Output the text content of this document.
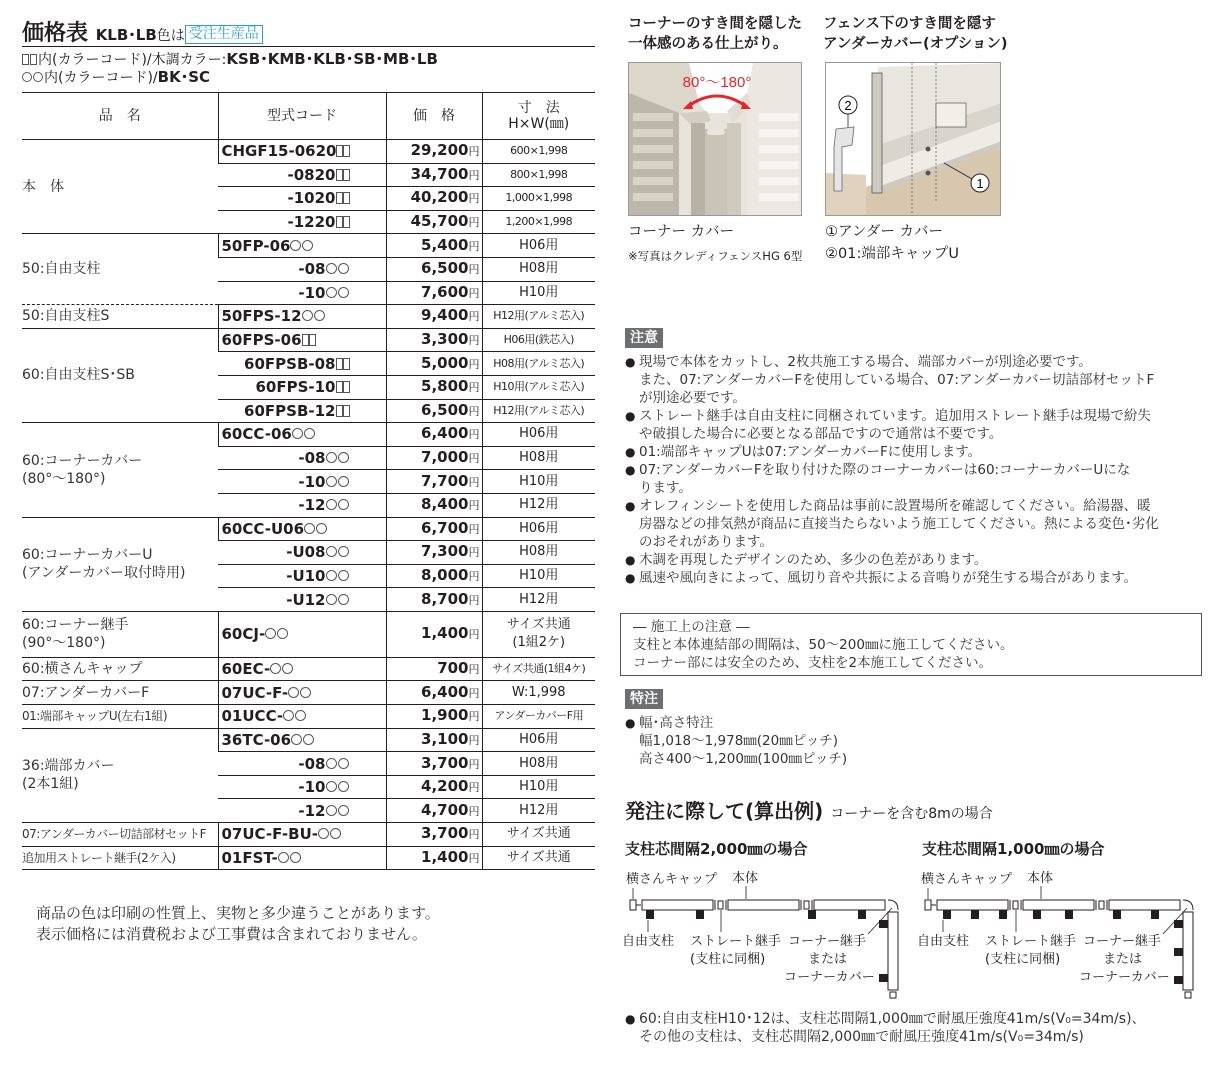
価格表 KLB･LB色は 受注生産品
内(カラーコード)/木調カラー:KSB･KMB･KLB･SB･MB･LB
内(カラーコード)/BK･SC
品　名	型式コード	価　格	寸　法
H×W(㎜)

本　体	CHGF15-0620	29,200円	600×1,998
	-0820	34,700円	800×1,998
	-1020	40,200円	1,000×1,998
	-1220	45,700円	1,200×1,998
50:自由支柱	50FP-06	5,400円	H06用
	-08	6,500円	H08用
	-10	7,600円	H10用
50:自由支柱S	50FPS-12	9,400円	H12用(アルミ芯入)
60:自由支柱S･SB	60FPS-06	3,300円	H06用(鉄芯入)
	60FPSB-08	5,000円	H08用(アルミ芯入)
	60FPS-10	5,800円	H10用(アルミ芯入)
	60FPSB-12	6,500円	H12用(アルミ芯入)

60:コーナーカバー
(80°～180°)	60CC-06	6,400円	H06用
	-08	7,000円	H08用
	-10	7,700円	H10用
	-12	8,400円	H12用

60:コーナーカバーU
(アンダーカバー取付時用)	60CC-U06	6,700円	H06用
	-U08	7,300円	H08用
	-U10	8,000円	H10用
	-U12	8,700円	H12用

60:コーナー継手
(90°～180°)	60CJ-	1,400円	
サイズ共通
(1組2ケ)

60:横さんキャップ	60EC-	700円	サイズ共通(1組4ケ)
07:アンダーカバーF	07UC-F-	6,400円	W:1,998
01:端部キャップU(左右1組)	01UCC-	1,900円	アンダーカバーF用

36:端部カバー
(2本1組)	36TC-06	3,100円	H06用
	-08	3,700円	H08用
	-10	4,200円	H10用
	-12	4,700円	H12用
07:アンダーカバー切詰部材セットF	07UC-F-BU-	3,700円	サイズ共通
追加用ストレート継手(2ケ入)	01FST-	1,400円	サイズ共通
商品の色は印刷の性質上、実物と多少違うことがあります。
表示価格には消費税および工事費は含まれておりません。
コーナーのすき間を隠した
一体感のある仕上がり。
80°～180°
コーナー カバー
※写真はクレディフェンスHG 6型
フェンス下のすき間を隠す
アンダーカバー(オプション)
2
1
①アンダー カバー
②01:端部キャップU
注意
● 現場で本体をカットし、2枚共施工する場合、端部カバーが別途必要です。
また、07:アンダーカバーFを使用している場合、07:アンダーカバー切詰部材セットF
が別途必要です。
● ストレート継手は自由支柱に同梱されています。追加用ストレート継手は現場で紛失
や破損した場合に必要となる部品ですので通常は不要です。
● 01:端部キャップUは07:アンダーカバーFに使用します。
● 07:アンダーカバーFを取り付けた際のコーナーカバーは60:コーナーカバーUにな
ります。
● オレフィンシートを使用した商品は事前に設置場所を確認してください。給湯器、暖
房器などの排気熱が商品に直接当たらないよう施工してください。熱による変色･劣化
のおそれがあります。
● 木調を再現したデザインのため、多少の色差があります。
● 風速や風向きによって、風切り音や共振による音鳴りが発生する場合があります。
― 施工上の注意 ―
支柱と本体連結部の間隔は、50～200㎜に施工してください。
コーナー部には安全のため、支柱を2本施工してください。
特注
● 幅･高さ特注
幅1,018～1,978㎜(20㎜ピッチ)
高さ400～1,200㎜(100㎜ピッチ)
発注に際して(算出例) コーナーを含む8mの場合
支柱芯間隔2,000㎜の場合	支柱芯間隔1,000㎜の場合
横さんキャップ 本体
自由支柱 ストレート継手
(支柱に同梱)
コーナー継手
または
コーナーカバー
横さんキャップ 本体
自由支柱 ストレート継手
(支柱に同梱)
コーナー継手
または
コーナーカバー
● 60:自由支柱H10･12は、支柱芯間隔1,000㎜で耐風圧強度41m/s(V₀=34m/s)、
その他の支柱は、支柱芯間隔2,000㎜で耐風圧強度41m/s(V₀=34m/s)
